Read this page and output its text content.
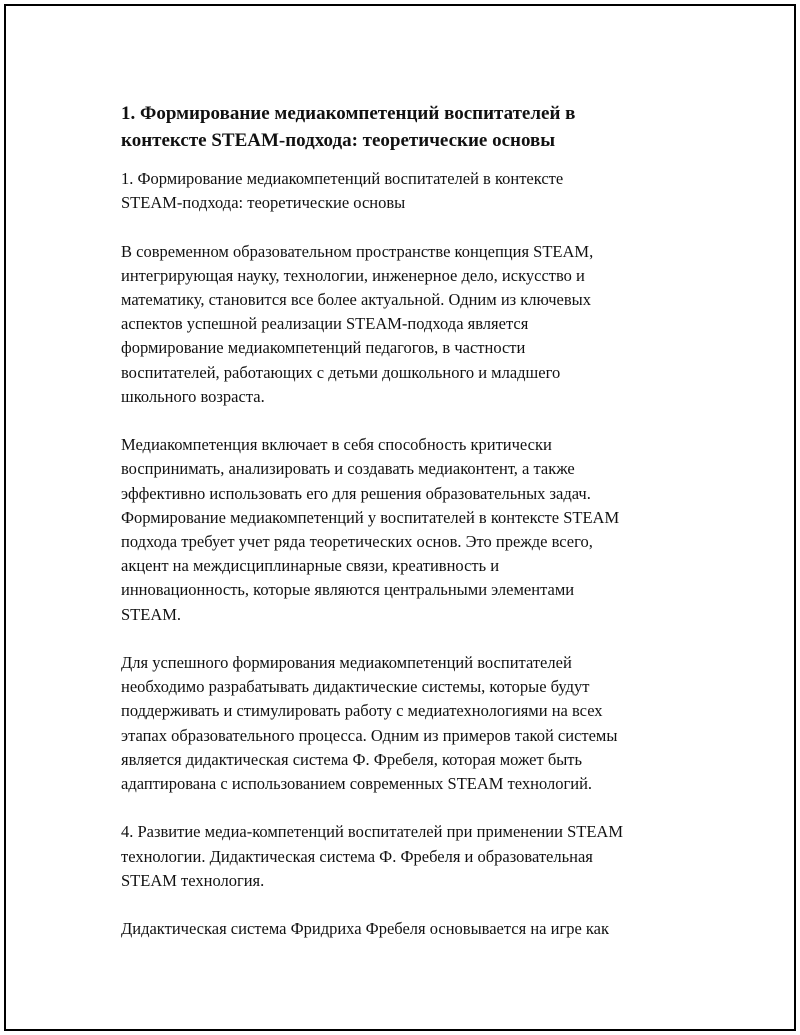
1. Формирование медиакомпетенций воспитателей в
контексте STEAM-подхода: теоретические основы

1. Формирование медиакомпетенций воспитателей в контексте
STEAM-подхода: теоретические основы

В современном образовательном пространстве концепция STEAM,
интегрирующая науку, технологии, инженерное дело, искусство и
математику, становится все более актуальной. Одним из ключевых
аспектов успешной реализации STEAM-подхода является
формирование медиакомпетенций педагогов, в частности
воспитателей, работающих с детьми дошкольного и младшего
школьного возраста.

Медиакомпетенция включает в себя способность критически
воспринимать, анализировать и создавать медиаконтент, а также
эффективно использовать его для решения образовательных задач.
Формирование медиакомпетенций у воспитателей в контексте STEAM
подхода требует учет ряда теоретических основ. Это прежде всего,
акцент на междисциплинарные связи, креативность и
инновационность, которые являются центральными элементами
STEAM.

Для успешного формирования медиакомпетенций воспитателей
необходимо разрабатывать дидактические системы, которые будут
поддерживать и стимулировать работу с медиатехнологиями на всех
этапах образовательного процесса. Одним из примеров такой системы
является дидактическая система Ф. Фребеля, которая может быть
адаптирована с использованием современных STEAM технологий.

4. Развитие медиа-компетенций воспитателей при применении STEAM
технологии. Дидактическая система Ф. Фребеля и образовательная
STEAM технология.

Дидактическая система Фридриха Фребеля основывается на игре как
